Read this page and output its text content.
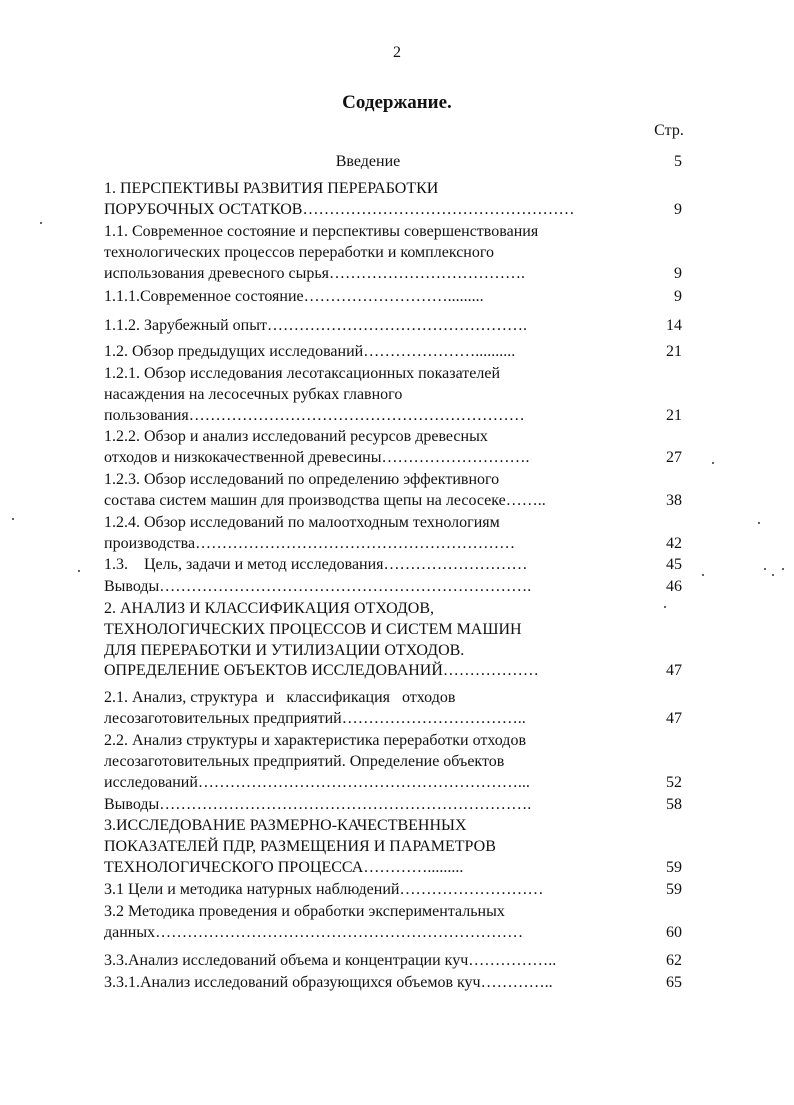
2
Содержание.
Стр.
Введение	5
1. ПЕРСПЕКТИВЫ РАЗВИТИЯ ПЕРЕРАБОТКИ
ПОРУБОЧНЫХ ОСТАТКОВ……………………………………………	9
1.1. Современное состояние и перспективы совершенствования
технологических процессов переработки и комплексного
использования древесного сырья……………………………….	9
1.1.1.Современное состояние……………………….........	9
1.1.2. Зарубежный опыт………………………………………….	14
1.2. Обзор предыдущих исследований…………………..........	21
1.2.1. Обзор исследования лесотаксационных показателей
насаждения на лесосечных рубках главного
пользования………………………………………………………	21
1.2.2. Обзор и анализ исследований ресурсов древесных
отходов и низкокачественной древесины……………………….	27
1.2.3. Обзор исследований по определению эффективного
состава систем машин для производства щепы на лесосеке……..	38
1.2.4. Обзор исследований по малоотходным технологиям
производства……………………………………………………	42
1.3.    Цель, задачи и метод исследования………………………	45
Выводы…………………………………………………………….	46
2. АНАЛИЗ И КЛАССИФИКАЦИЯ ОТХОДОВ,
ТЕХНОЛОГИЧЕСКИХ ПРОЦЕССОВ И СИСТЕМ МАШИН
ДЛЯ ПЕРЕРАБОТКИ И УТИЛИЗАЦИИ ОТХОДОВ.
ОПРЕДЕЛЕНИЕ ОБЪЕКТОВ ИССЛЕДОВАНИЙ………………	47
2.1. Анализ, структура  и   классификация   отходов
лесозаготовительных предприятий……………………………..	47
2.2. Анализ структуры и характеристика переработки отходов
лесозаготовительных предприятий. Определение объектов
исследований……………………………………………………...	52
Выводы…………………………………………………………….	58
3.ИССЛЕДОВАНИЕ РАЗМЕРНО-КАЧЕСТВЕННЫХ
ПОКАЗАТЕЛЕЙ ПДР, РАЗМЕЩЕНИЯ И ПАРАМЕТРОВ
ТЕХНОЛОГИЧЕСКОГО ПРОЦЕССА………….........	59
3.1 Цели и методика натурных наблюдений………………………	59
3.2 Методика проведения и обработки экспериментальных
данных……………………………………………………………	60
3.3.Анализ исследований объема и концентрации куч……………..	62
3.3.1.Анализ исследований образующихся объемов куч…………..	65
